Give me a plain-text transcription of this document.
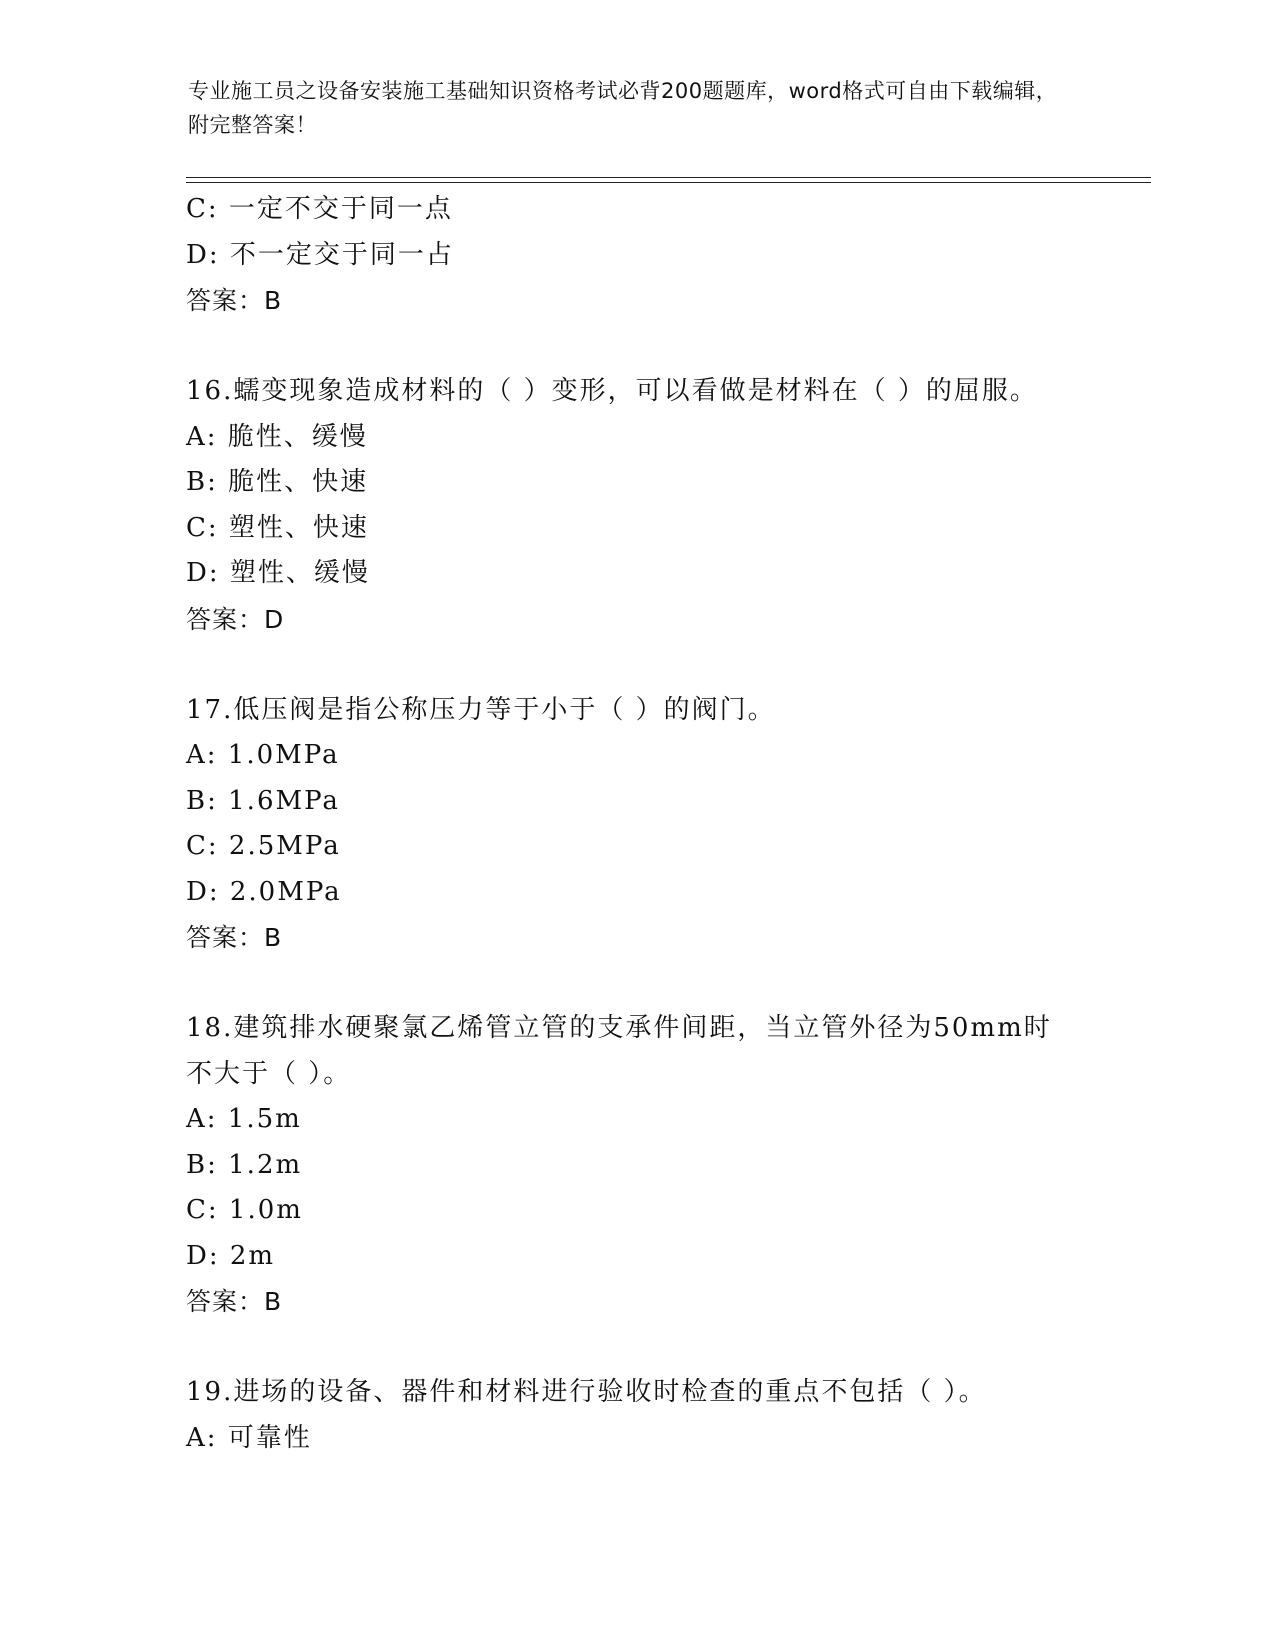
专业施工员之设备安装施工基础知识资格考试必背200题题库，word格式可自由下载编辑，附完整答案！
C: 一定不交于同一点
D: 不一定交于同一占
答案：B
16.蠕变现象造成材料的（ ）变形，可以看做是材料在（ ）的屈服。
A: 脆性、缓慢
B: 脆性、快速
C: 塑性、快速
D: 塑性、缓慢
答案：D
17.低压阀是指公称压力等于小于（ ）的阀门。
A: 1.0MPa
B: 1.6MPa
C: 2.5MPa
D: 2.0MPa
答案：B
18.建筑排水硬聚氯乙烯管立管的支承件间距，当立管外径为50mm时
不大于（ ）。
A: 1.5m
B: 1.2m
C: 1.0m
D: 2m
答案：B
19.进场的设备、器件和材料进行验收时检查的重点不包括（ ）。
A: 可靠性
